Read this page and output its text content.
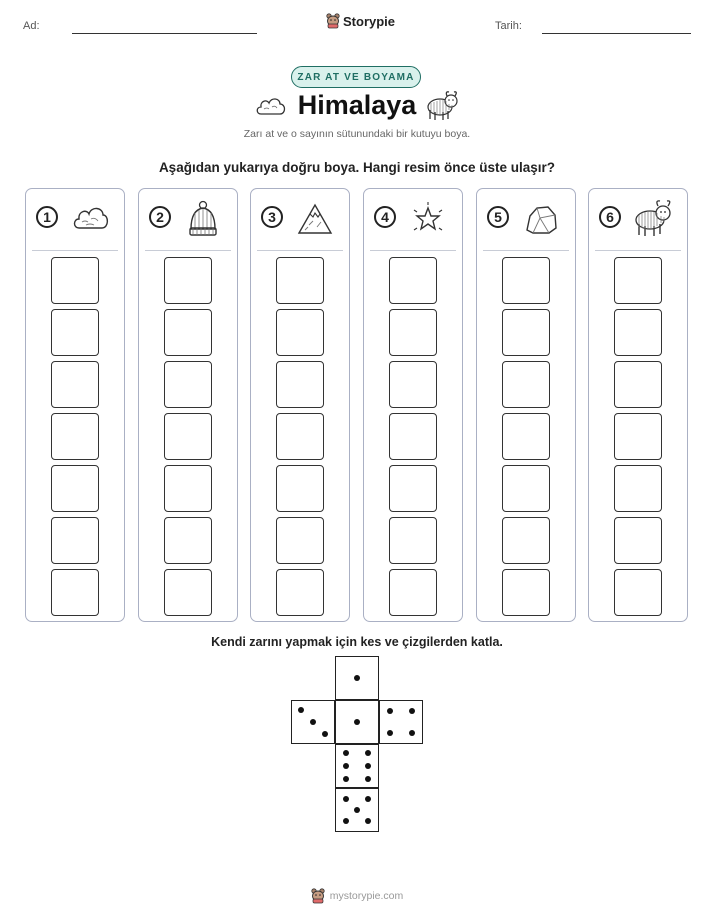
Ad:	Storypie	Tarih:
ZAR AT VE BOYAMA
Himalaya
Zarı at ve o sayının sütunundaki bir kutuyu boya.
Aşağıdan yukarıya doğru boya. Hangi resim önce üste ulaşır?
1	2	3	4	5	6
Kendi zarını yapmak için kes ve çizgilerden katla.
mystorypie.com
